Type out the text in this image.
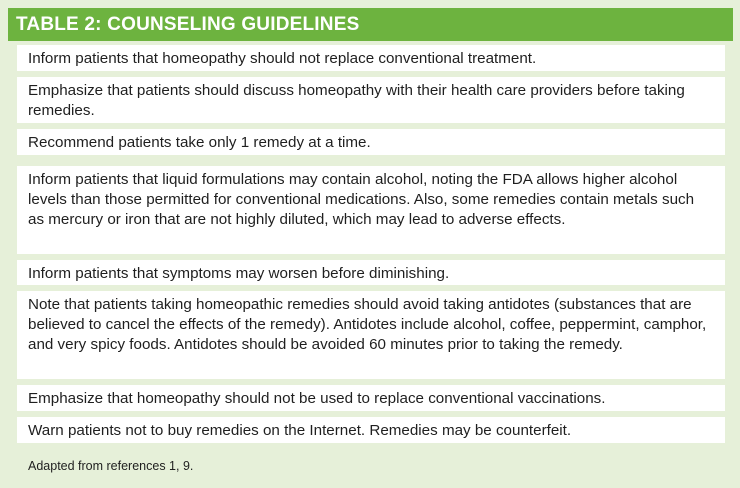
TABLE 2: COUNSELING GUIDELINES
Inform patients that homeopathy should not replace conventional treatment.
Emphasize that patients should discuss homeopathy with their health care providers before taking remedies.
Recommend patients take only 1 remedy at a time.
Inform patients that liquid formulations may contain alcohol, noting the FDA allows higher alcohol levels than those permitted for conventional medications. Also, some remedies contain metals such as mercury or iron that are not highly diluted, which may lead to adverse effects.
Inform patients that symptoms may worsen before diminishing.
Note that patients taking homeopathic remedies should avoid taking antidotes (substances that are believed to cancel the effects of the remedy). Antidotes include alcohol, coffee, peppermint, camphor, and very spicy foods. Antidotes should be avoided 60 minutes prior to taking the remedy.
Emphasize that homeopathy should not be used to replace conventional vaccinations.
Warn patients not to buy remedies on the Internet. Remedies may be counterfeit.
Adapted from references 1, 9.
